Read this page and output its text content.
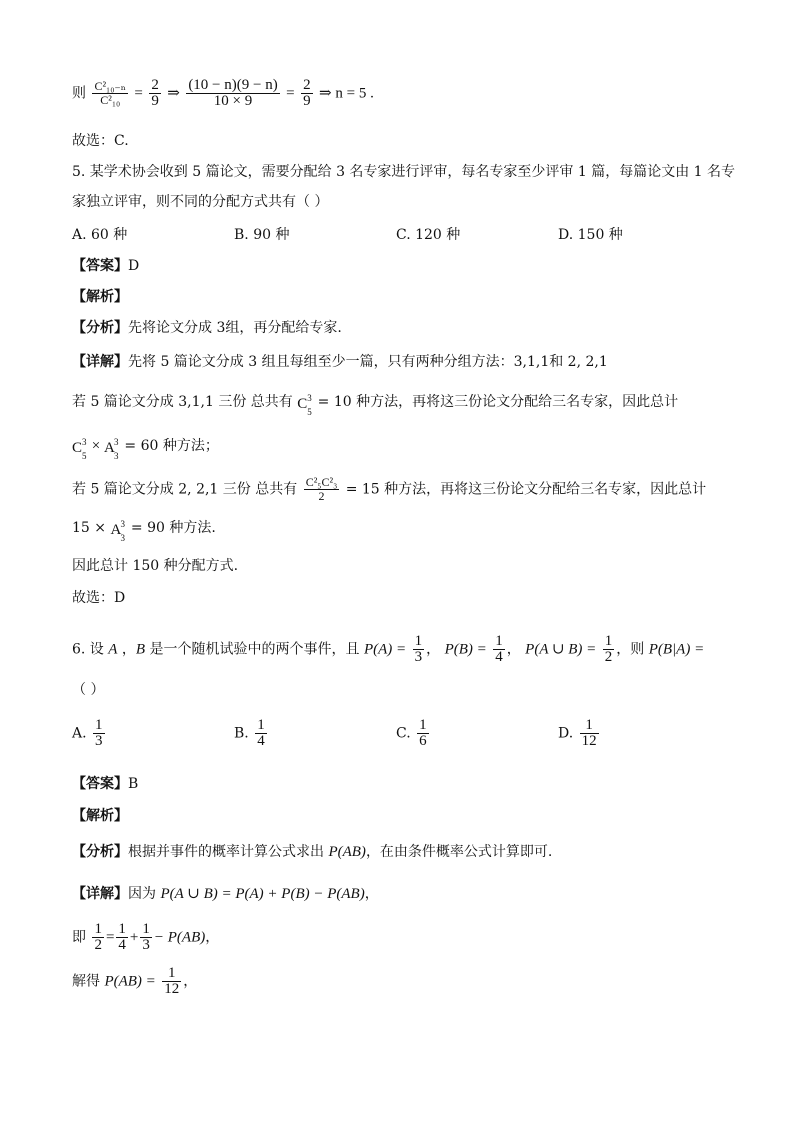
则 $\frac{\text{C²₁₀₋ₙ}}{\text{C²₁₀}} = \frac{2}{9}$ ⇒ $\frac{(10 - n)(9 - n)}{10 \times 9} = \frac{2}{9}$ ⇒ n = 5 .
故选：C.
5. 某学术协会收到 5 篇论文，需要分配给 3 名专家进行评审，每名专家至少评审 1 篇，每篇论文由 1 名专
家独立评审，则不同的分配方式共有（ ）
A. 60 种	B. 90 种	C. 120 种	D. 150 种
【答案】D
【解析】
【分析】先将论文分成 3组，再分配给专家.
【详解】先将 5 篇论文分成 3 组且每组至少一篇，只有两种分组方法：3,1,1和 2, 2,1
若 5 篇论文分成 3,1,1 三份 总共有 C 3
5
= 10 种方法，再将这三份论文分配给三名专家，因此总计
C 3
5
× A 3
3
= 60 种方法；
若 5 篇论文分成 2, 2,1 三份 总共有 $\frac{\text{C²₅C²₃}}{2} = 15$ 种方法，再将这三份论文分配给三名专家，因此总计
15 × A 3
3
= 90 种方法.
因此总计 150 种分配方式.
故选：D
6. 设 A ，B 是一个随机试验中的两个事件，且 $P(A) = \frac{1}{3}$ ， $P(B) = \frac{1}{4}$ ， P(A ∪ $B) = \frac{1}{2}$ ，则 P(B|A) =
（ ）
A. $\frac{1}{3}$	B. $\frac{1}{4}$	C. $\frac{1}{6}$	D. $\frac{1}{12}$
【答案】B
【解析】
【分析】根据并事件的概率计算公式求出 P(AB)，在由条件概率公式计算即可.
【详解】因为 P(A ∪ B) = P(A) + P(B) − P(AB)，
即 $\frac{1}{2} = \frac{1}{4} + \frac{1}{3} - P(AB)$，
解得 $P(AB) = \frac{1}{12}$ ，
